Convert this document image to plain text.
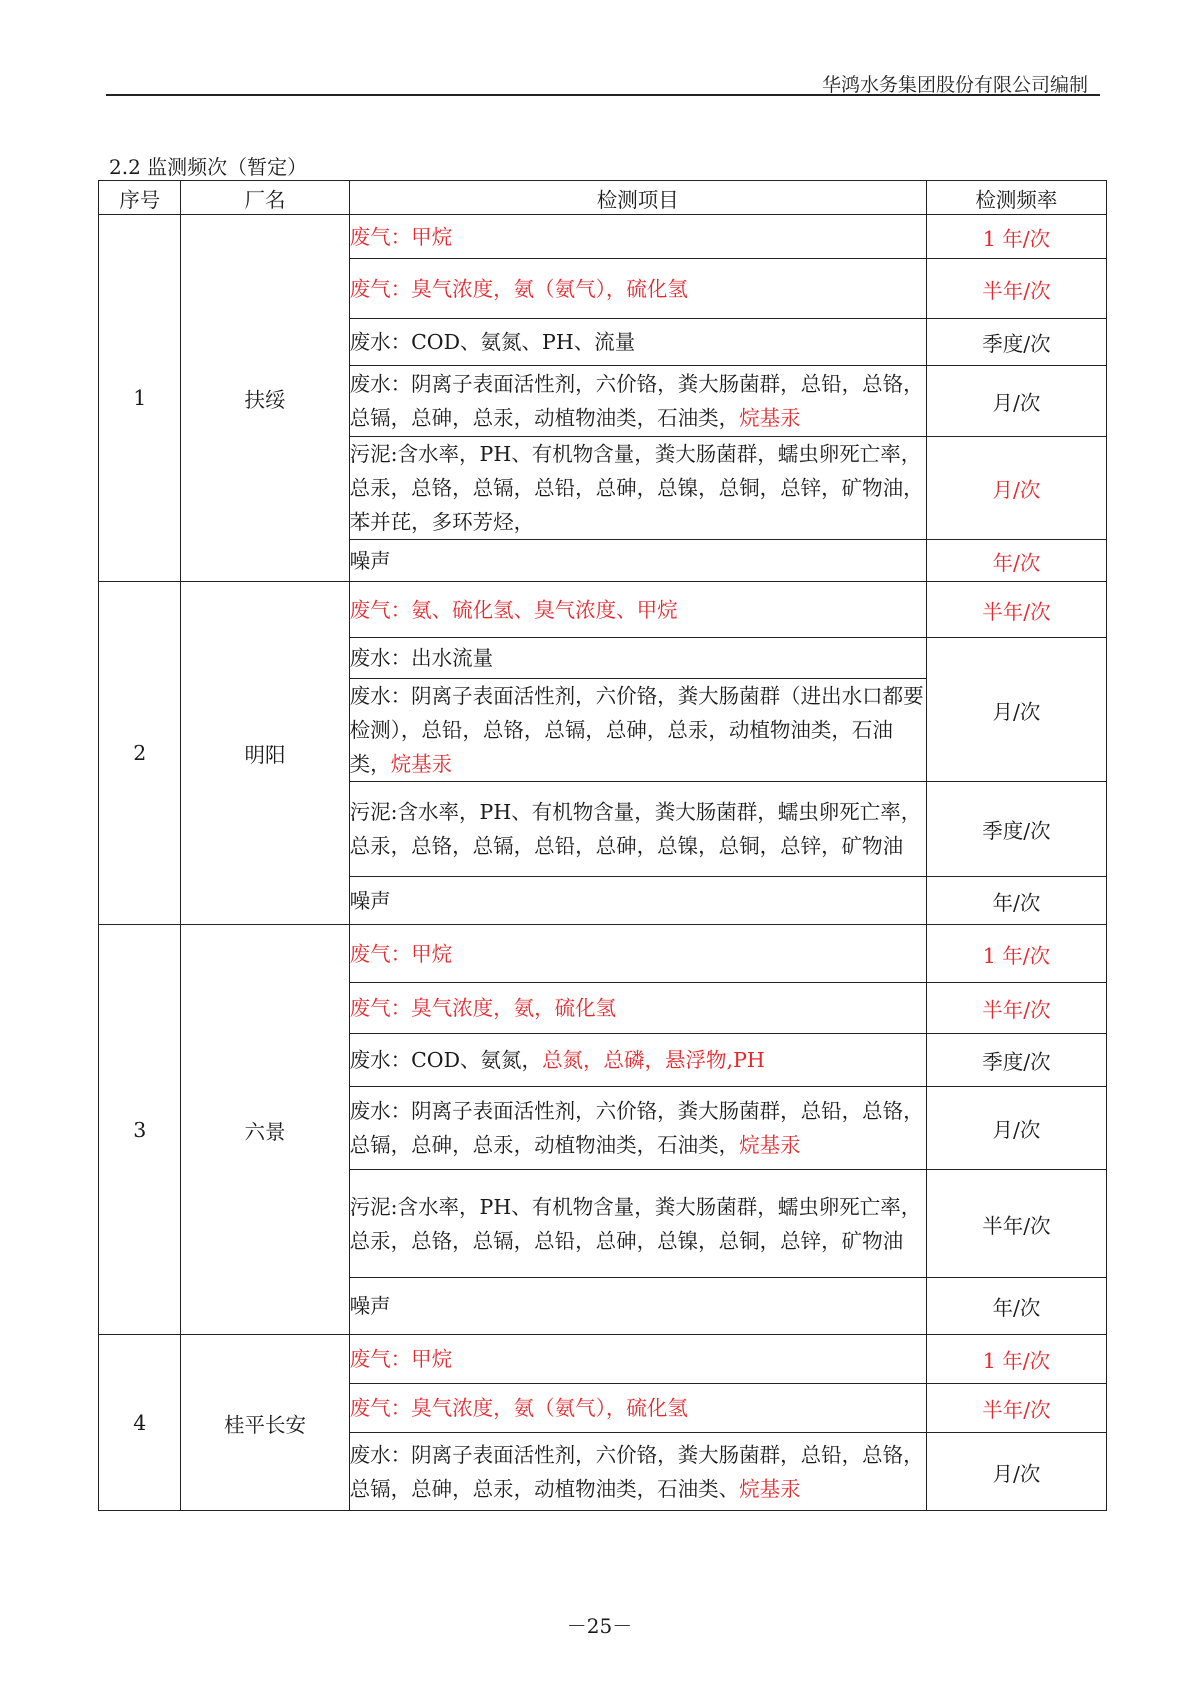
华鸿水务集团股份有限公司编制
2.2 监测频次（暂定）
序号	厂名	检测项目	检测频率
1	扶绥	废气：甲烷	1 年/次
		废气：臭气浓度，氨（氨气），硫化氢	半年/次
		废水：COD、氨氮、PH、流量	季度/次
		废水：阴离子表面活性剂，六价铬，粪大肠菌群，总铅，总铬，总镉，总砷，总汞，动植物油类，石油类，烷基汞	月/次
		污泥:含水率，PH、有机物含量，粪大肠菌群，蠕虫卵死亡率，总汞，总铬，总镉，总铅，总砷，总镍，总铜，总锌，矿物油，苯并芘，多环芳烃，	月/次
		噪声	年/次
2	明阳	废气：氨、硫化氢、臭气浓度、甲烷	半年/次
		废水：出水流量	月/次
		废水：阴离子表面活性剂，六价铬，粪大肠菌群（进出水口都要检测），总铅，总铬，总镉，总砷，总汞，动植物油类，石油类，烷基汞	
		污泥:含水率，PH、有机物含量，粪大肠菌群，蠕虫卵死亡率，总汞，总铬，总镉，总铅，总砷，总镍，总铜，总锌，矿物油	季度/次
		噪声	年/次
3	六景	废气：甲烷	1 年/次
		废气：臭气浓度，氨，硫化氢	半年/次
		废水：COD、氨氮，总氮，总磷，悬浮物,PH	季度/次
		废水：阴离子表面活性剂，六价铬，粪大肠菌群，总铅，总铬，总镉，总砷，总汞，动植物油类，石油类，烷基汞	月/次
		污泥:含水率，PH、有机物含量，粪大肠菌群，蠕虫卵死亡率，总汞，总铬，总镉，总铅，总砷，总镍，总铜，总锌，矿物油	半年/次
		噪声	年/次
4	桂平长安	废气：甲烷	1 年/次
		废气：臭气浓度，氨（氨气），硫化氢	半年/次
		废水：阴离子表面活性剂，六价铬，粪大肠菌群，总铅，总铬，总镉，总砷，总汞，动植物油类，石油类、烷基汞	月/次
－25－
